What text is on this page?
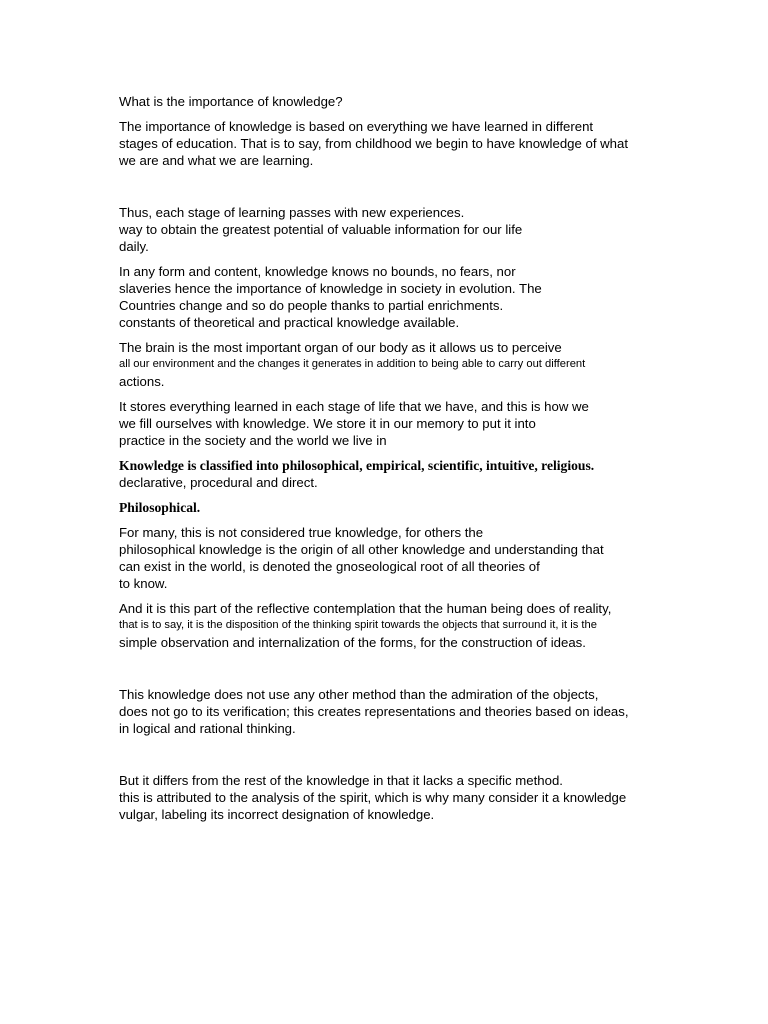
What is the importance of knowledge?

The importance of knowledge is based on everything we have learned in different
stages of education. That is to say, from childhood we begin to have knowledge of what
we are and what we are learning.

Thus, each stage of learning passes with new experiences.
way to obtain the greatest potential of valuable information for our life
daily.

In any form and content, knowledge knows no bounds, no fears, nor
slaveries hence the importance of knowledge in society in evolution. The
Countries change and so do people thanks to partial enrichments.
constants of theoretical and practical knowledge available.

The brain is the most important organ of our body as it allows us to perceive
all our environment and the changes it generates in addition to being able to carry out different
actions.

It stores everything learned in each stage of life that we have, and this is how we
we fill ourselves with knowledge. We store it in our memory to put it into
practice in the society and the world we live in

Knowledge is classified into philosophical, empirical, scientific, intuitive, religious.
declarative, procedural and direct.

Philosophical.

For many, this is not considered true knowledge, for others the
philosophical knowledge is the origin of all other knowledge and understanding that
can exist in the world, is denoted the gnoseological root of all theories of
to know.

And it is this part of the reflective contemplation that the human being does of reality,
that is to say, it is the disposition of the thinking spirit towards the objects that surround it, it is the
simple observation and internalization of the forms, for the construction of ideas.

This knowledge does not use any other method than the admiration of the objects,
does not go to its verification; this creates representations and theories based on ideas,
in logical and rational thinking.

But it differs from the rest of the knowledge in that it lacks a specific method.
this is attributed to the analysis of the spirit, which is why many consider it a knowledge
vulgar, labeling its incorrect designation of knowledge.
